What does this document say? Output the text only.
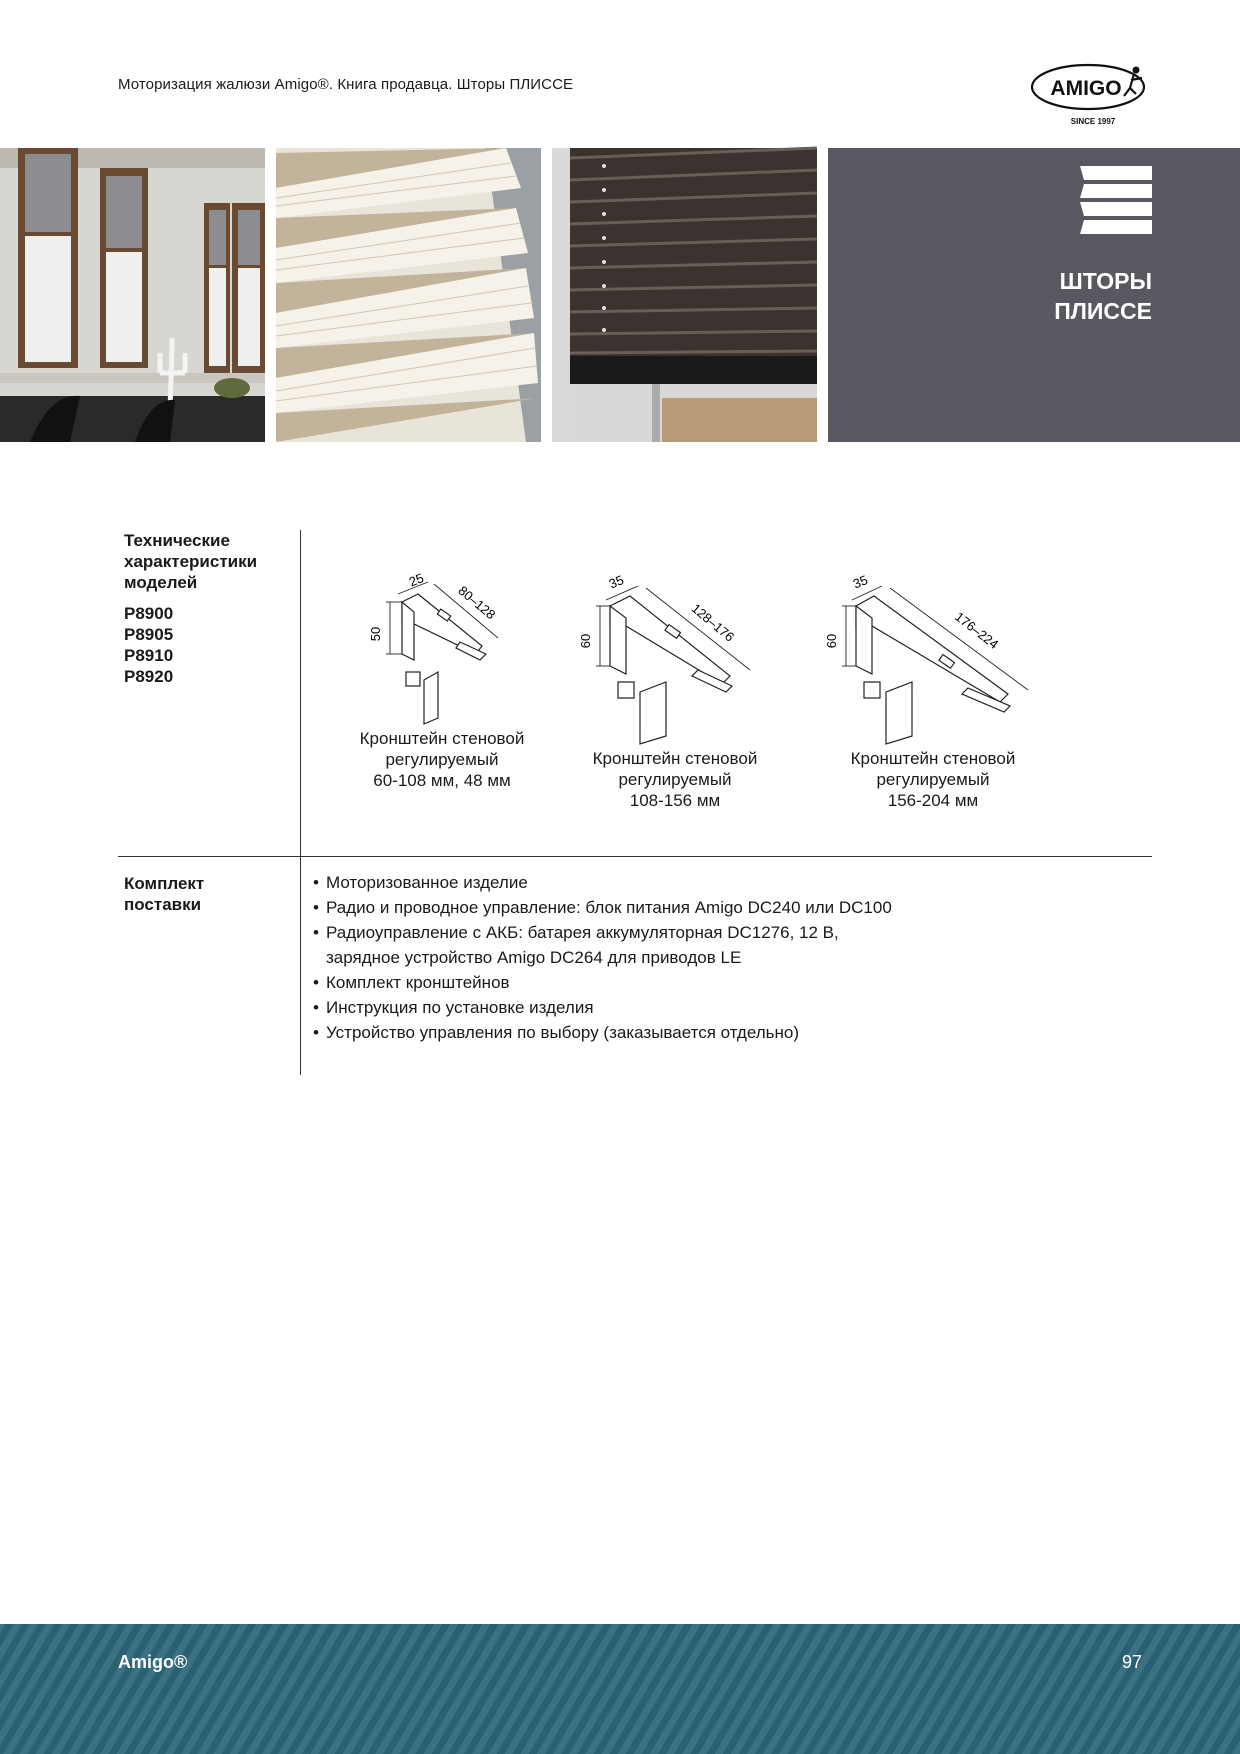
Моторизация жалюзи Amigo®. Книга продавца. Шторы ПЛИССЕ	AMIGO
SINCE 1997
ШТОРЫ
ПЛИССЕ
Технические характеристики моделей
P8900
P8905
P8910
P8920
50
25
80–128
Кронштейн стеновой
регулируемый
60-108 мм, 48 мм
60
35
128–176
Кронштейн стеновой
регулируемый
108-156 мм
60
35
176–224
Кронштейн стеновой
регулируемый
156-204 мм
Комплект
поставки
• Моторизованное изделие
• Радио и проводное управление: блок питания Amigo DC240 или DC100
• Радиоуправление с АКБ: батарея аккумуляторная DC1276, 12 В,
зарядное устройство Amigo DC264 для приводов LE
• Комплект кронштейнов
• Инструкция по установке изделия
• Устройство управления по выбору (заказывается отдельно)
Amigo®	97
